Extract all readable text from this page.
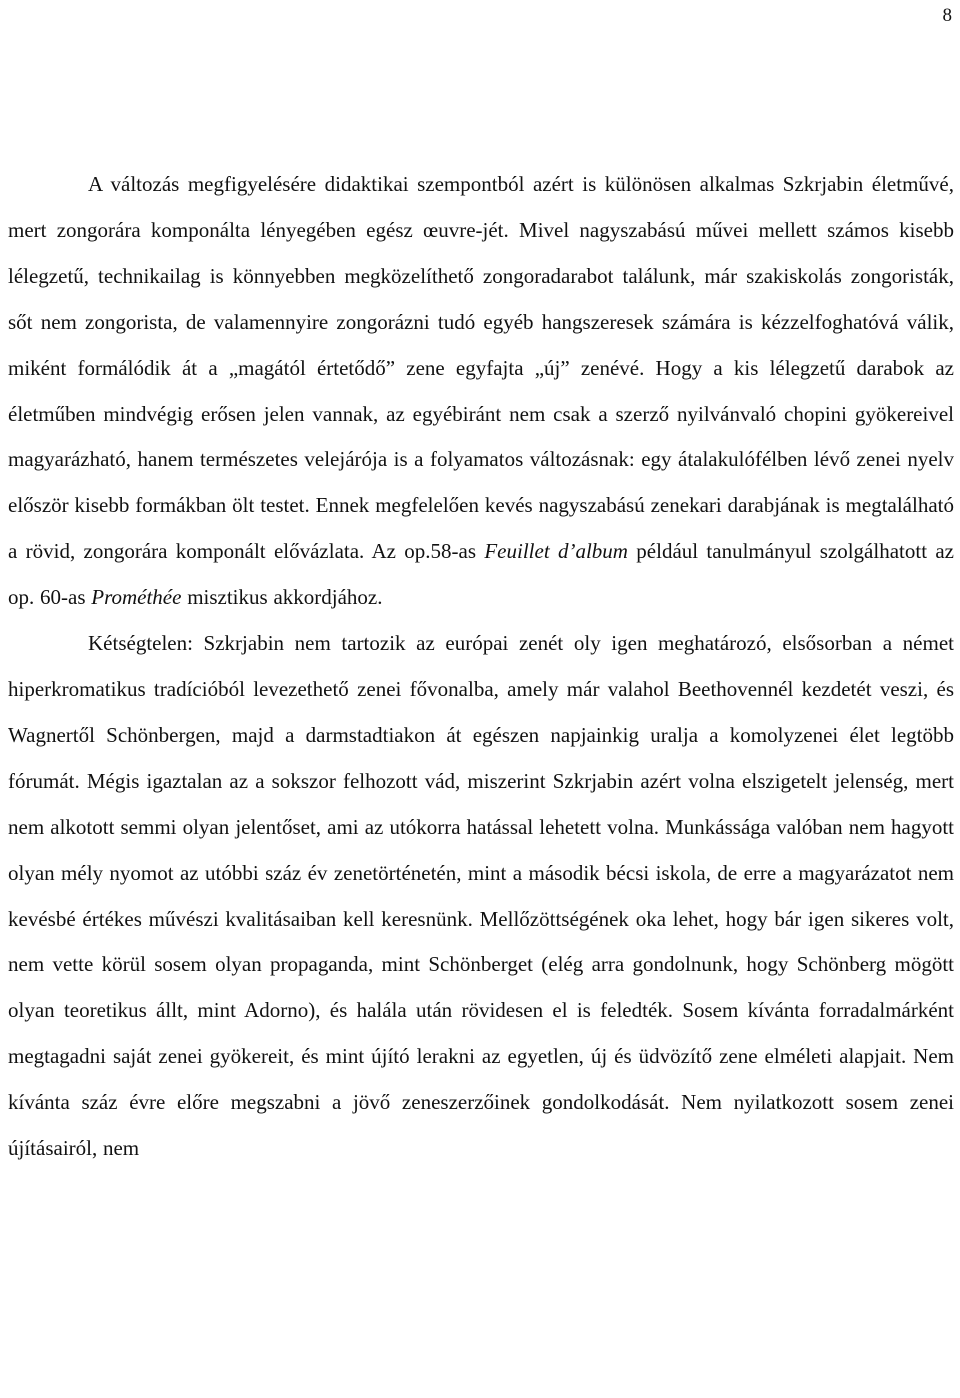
8

A változás megfigyelésére didaktikai szempontból azért is különösen alkalmas Szkrjabin életművé, mert zongorára komponálta lényegében egész œuvre-jét. Mivel nagyszabású művei mellett számos kisebb lélegzetű, technikailag is könnyebben megközelíthető zongoradarabot találunk, már szakiskolás zongoristák, sőt nem zongorista, de valamennyire zongorázni tudó egyéb hangszeresek számára is kézzelfoghatóvá válik, miként formálódik át a „magától értetődő” zene egyfajta „új” zenévé. Hogy a kis lélegzetű darabok az életműben mindvégig erősen jelen vannak, az egyébiránt nem csak a szerző nyilvánvaló chopini gyökereivel magyarázható, hanem természetes velejárója is a folyamatos változásnak: egy átalakulófélben lévő zenei nyelv először kisebb formákban ölt testet. Ennek megfelelően kevés nagyszabású zenekari darabjának is megtalálható a rövid, zongorára komponált elővázlata. Az op.58-as Feuillet d’album például tanulmányul szolgálhatott az op. 60-as Prométhée misztikus akkordjához.

Kétségtelen: Szkrjabin nem tartozik az európai zenét oly igen meghatározó, elsősorban a német hiperkromatikus tradícióból levezethető zenei fővonalba, amely már valahol Beethovennél kezdetét veszi, és Wagnertől Schönbergen, majd a darmstadtiakon át egészen napjainkig uralja a komolyzenei élet legtöbb fórumát. Mégis igaztalan az a sokszor felhozott vád, miszerint Szkrjabin azért volna elszigetelt jelenség, mert nem alkotott semmi olyan jelentőset, ami az utókorra hatással lehetett volna. Munkássága valóban nem hagyott olyan mély nyomot az utóbbi száz év zenetörténetén, mint a második bécsi iskola, de erre a magyarázatot nem kevésbé értékes művészi kvalitásaiban kell keresnünk. Mellőzöttségének oka lehet, hogy bár igen sikeres volt, nem vette körül sosem olyan propaganda, mint Schönberget (elég arra gondolnunk, hogy Schönberg mögött olyan teoretikus állt, mint Adorno), és halála után rövidesen el is feledték. Sosem kívánta forradalmárként megtagadni saját zenei gyökereit, és mint újító lerakni az egyetlen, új és üdvözítő zene elméleti alapjait. Nem kívánta száz évre előre megszabni a jövő zeneszerzőinek gondolkodását. Nem nyilatkozott sosem zenei újításairól, nem
